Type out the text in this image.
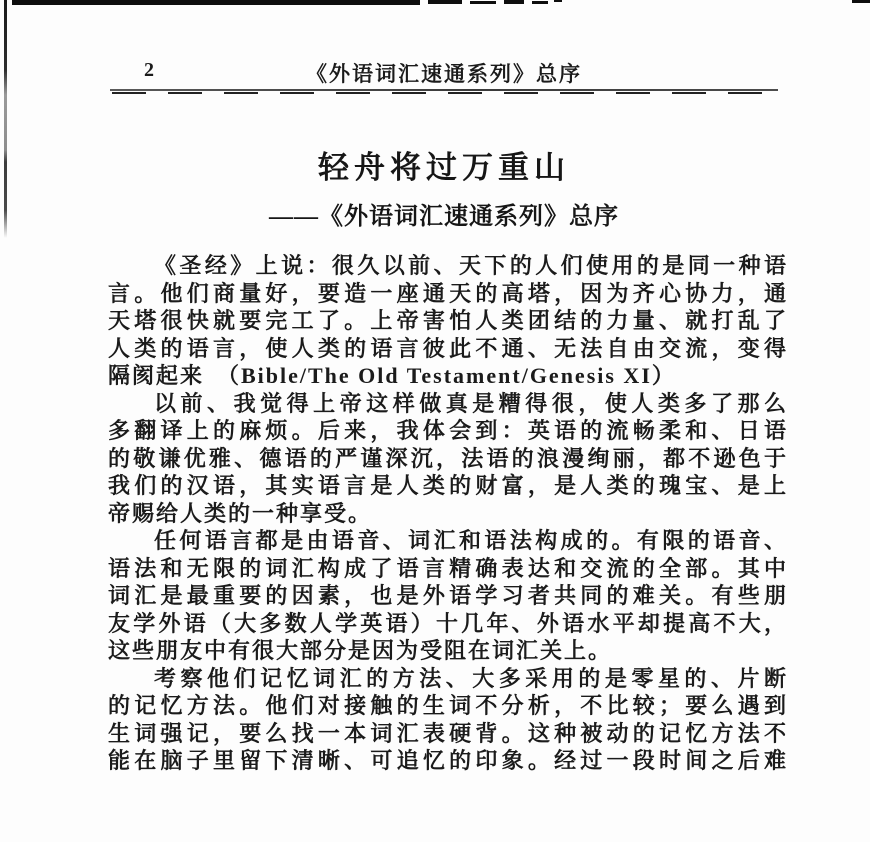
2	《外语词汇速通系列》总序
轻舟将过万重山
——《外语词汇速通系列》总序
《圣经》上说：很久以前、天下的人们使用的是同一种语
言。他们商量好，要造一座通天的高塔，因为齐心协力，通
天塔很快就要完工了。上帝害怕人类团结的力量、就打乱了
人类的语言，使人类的语言彼此不通、无法自由交流，变得
隔阂起来　（Bible/The Old Testament/Genesis XI）
以前、我觉得上帝这样做真是糟得很，使人类多了那么
多翻译上的麻烦。后来，我体会到：英语的流畅柔和、日语
的敬谦优雅、德语的严谨深沉，法语的浪漫绚丽，都不逊色于
我们的汉语，其实语言是人类的财富，是人类的瑰宝、是上
帝赐给人类的一种享受。
任何语言都是由语音、词汇和语法构成的。有限的语音、
语法和无限的词汇构成了语言精确表达和交流的全部。其中
词汇是最重要的因素，也是外语学习者共同的难关。有些朋
友学外语（大多数人学英语）十几年、外语水平却提高不大，
这些朋友中有很大部分是因为受阻在词汇关上。
考察他们记忆词汇的方法、大多采用的是零星的、片断
的记忆方法。他们对接触的生词不分析，不比较；要么遇到
生词强记，要么找一本词汇表硬背。这种被动的记忆方法不
能在脑子里留下清晰、可追忆的印象。经过一段时间之后难
